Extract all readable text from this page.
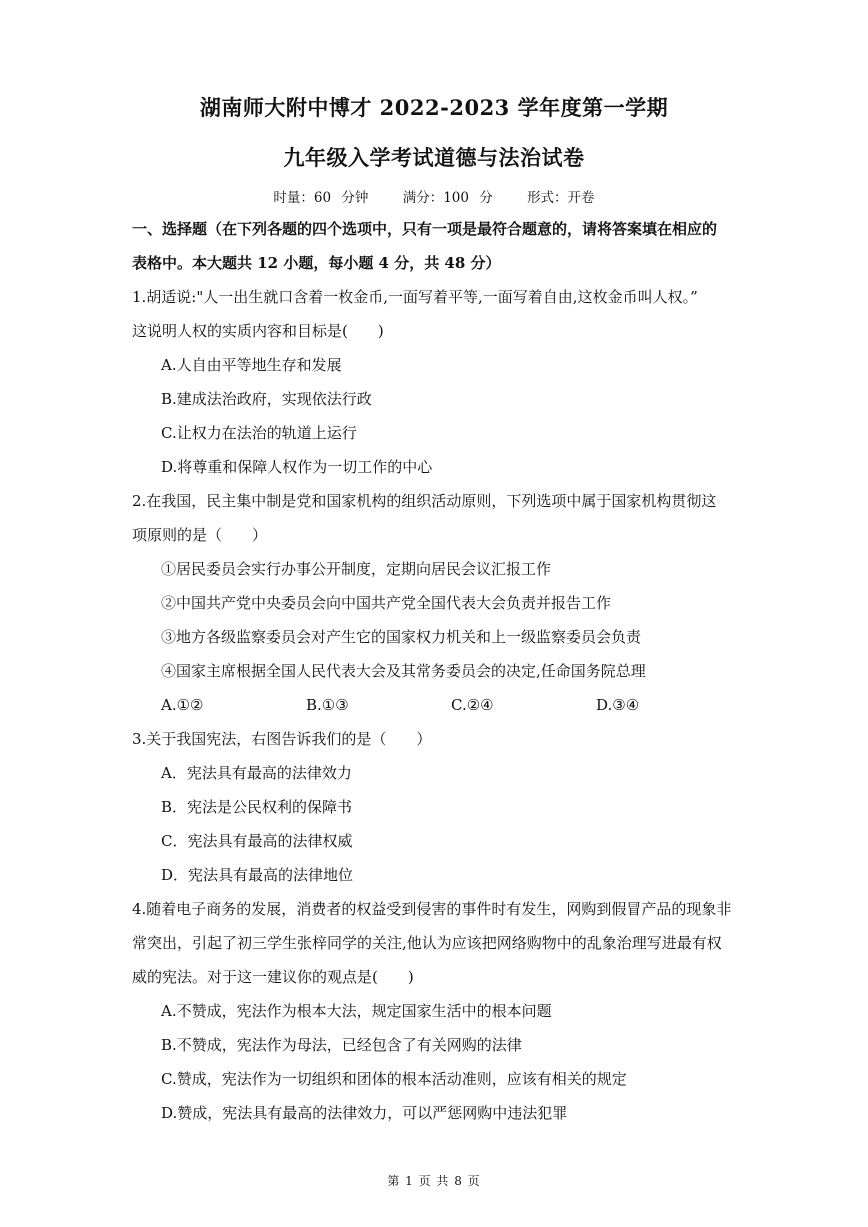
湖南师大附中博才 2022-2023 学年度第一学期
九年级入学考试道德与法治试卷
时量：60 分钟	满分：100 分	形式：开卷
一、选择题（在下列各题的四个选项中，只有一项是最符合题意的，请将答案填在相应的
表格中。本大题共 12 小题，每小题 4 分，共 48 分）
1.胡适说:"人一出生就口含着一枚金币,一面写着平等,一面写着自由,这枚金币叫人权。”
这说明人权的实质内容和目标是(　　)
A.人自由平等地生存和发展
B.建成法治政府，实现依法行政
C.让权力在法治的轨道上运行
D.将尊重和保障人权作为一切工作的中心
2.在我国，民主集中制是党和国家机构的组织活动原则，下列选项中属于国家机构贯彻这
项原则的是（　　）
①居民委员会实行办事公开制度，定期向居民会议汇报工作
②中国共产党中央委员会向中国共产党全国代表大会负责并报告工作
③地方各级监察委员会对产生它的国家权力机关和上一级监察委员会负责
④国家主席根据全国人民代表大会及其常务委员会的决定,任命国务院总理
A.①②	B.①③	C.②④	D.③④
3.关于我国宪法，右图告诉我们的是（　　）
A．宪法具有最高的法律效力
B．宪法是公民权利的保障书
C．宪法具有最高的法律权威
D．宪法具有最高的法律地位
4.随着电子商务的发展，消费者的权益受到侵害的事件时有发生，网购到假冒产品的现象非
常突出，引起了初三学生张梓同学的关注,他认为应该把网络购物中的乱象治理写进最有权
威的宪法。对于这一建议你的观点是(　　)
A.不赞成，宪法作为根本大法，规定国家生活中的根本问题
B.不赞成，宪法作为母法，已经包含了有关网购的法律
C.赞成，宪法作为一切组织和团体的根本活动准则，应该有相关的规定
D.赞成，宪法具有最高的法律效力，可以严惩网购中违法犯罪
第 1 页 共 8 页
